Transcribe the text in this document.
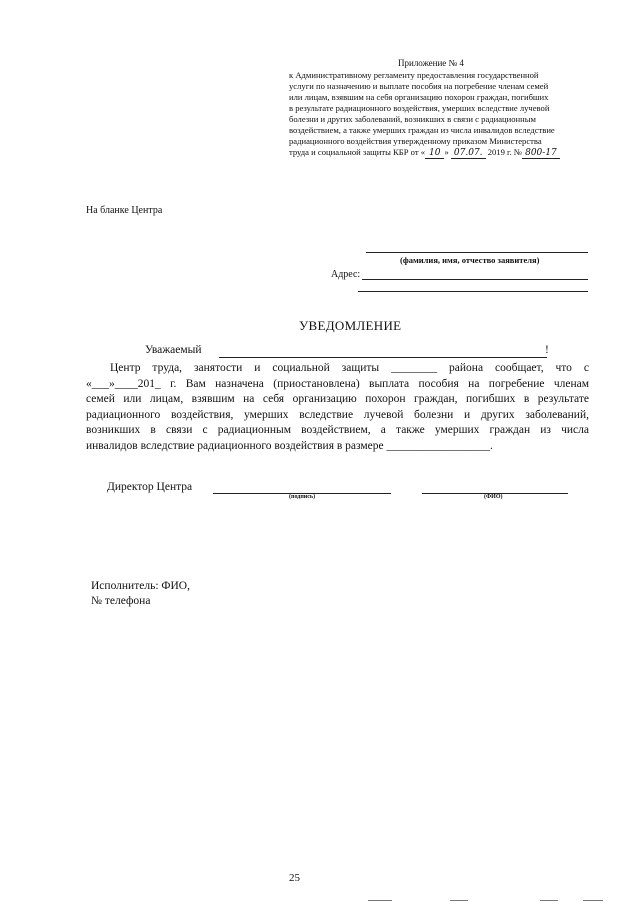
Приложение № 4
к Административному регламенту предоставления государственной
услуги по назначению и выплате пособия на погребение членам семей
или лицам, взявшим на себя организацию похорон граждан, погибших
в результате радиационного воздействия, умерших вследствие лучевой
болезни и других заболеваний, возникших в связи с радиационным
воздействием, а также умерших граждан из числа инвалидов вследствие
радиационного воздействия утвержденному приказом Министерства
труда и социальной защиты КБР от « 10 » 07.07. 2019 г. № 800-17
На бланке Центра
(фамилия, имя, отчество заявителя)
Адрес:
УВЕДОМЛЕНИЕ
Уважаемый	!
Центр труда, занятости и социальной защиты ________ района сообщает, что с
«___»____201_ г. Вам назначена (приостановлена) выплата пособия на погребение членам
семей или лицам, взявшим на себя организацию похорон граждан, погибших в результате
радиационного воздействия, умерших вследствие лучевой болезни и других заболеваний,
возникших в связи с радиационным воздействием, а также умерших граждан из числа
инвалидов вследствие радиационного воздействия в размере __________________.
Директор Центра
(подпись)	(ФИО)
Исполнитель: ФИО,
№ телефона
25
